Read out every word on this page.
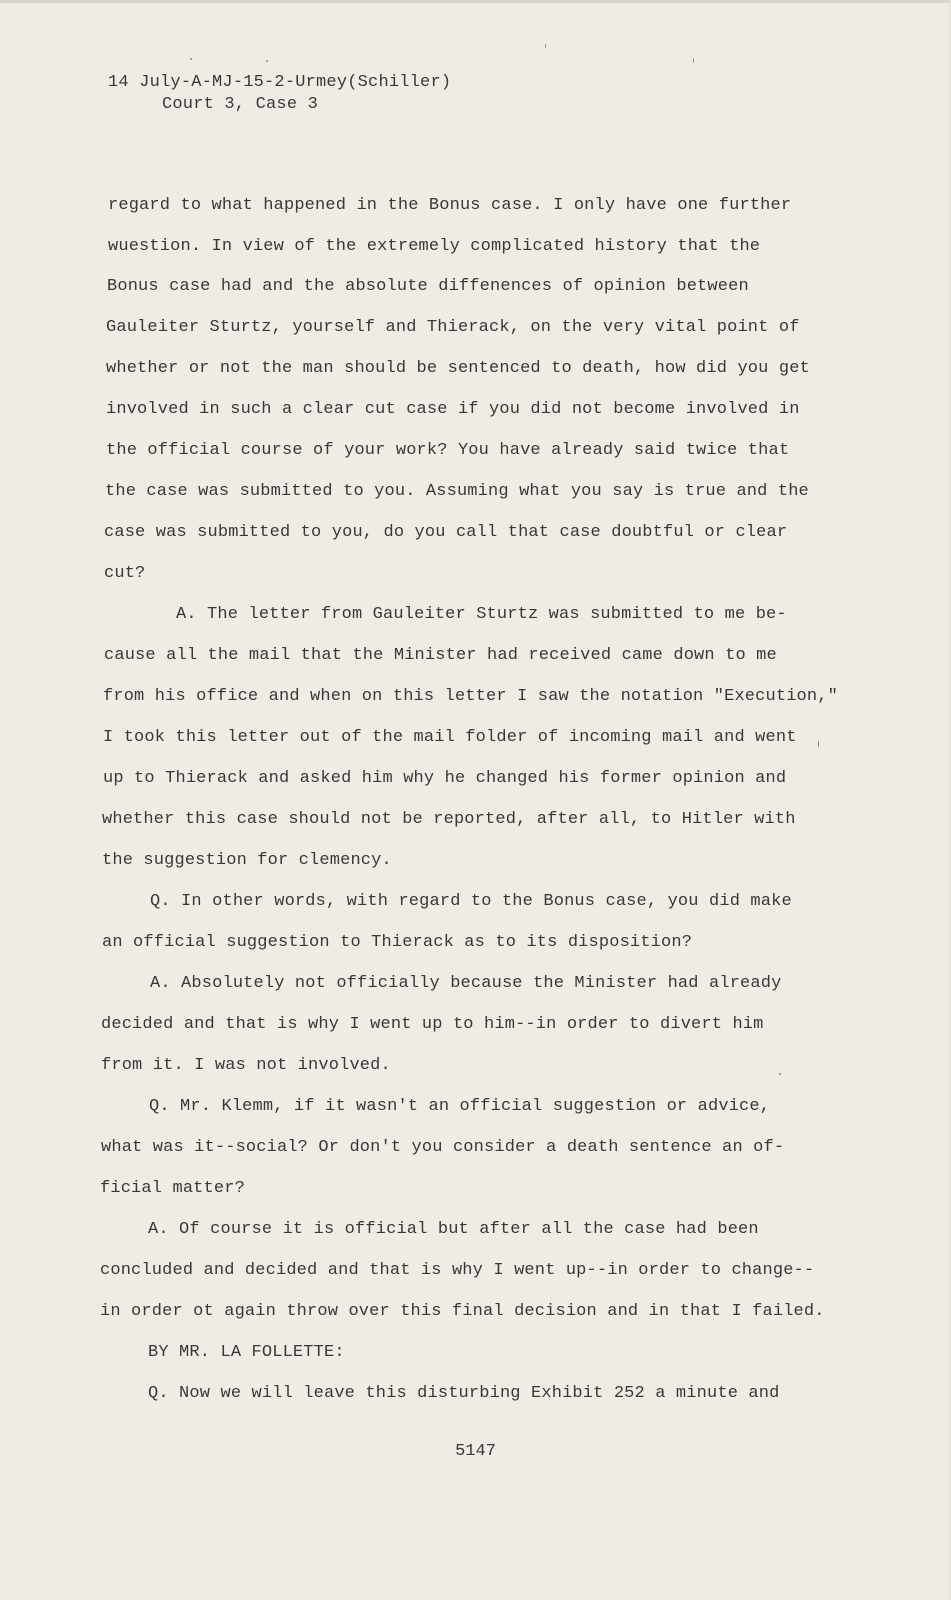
14 July-A-MJ-15-2-Urmey(Schiller)
Court 3, Case 3
regard to what happened in the Bonus case. I only have one further
wuestion. In view of the extremely complicated history that the
Bonus case had and the absolute diffenences of opinion between
Gauleiter Sturtz, yourself and Thierack, on the very vital point of
whether or not the man should be sentenced to death, how did you get
involved in such a clear cut case if you did not become involved in
the official course of your work? You have already said twice that
the case was submitted to you. Assuming what you say is true and the
case was submitted to you, do you call that case doubtful or clear
cut?
A. The letter from Gauleiter Sturtz was submitted to me be-
cause all the mail that the Minister had received came down to me
from his office and when on this letter I saw the notation "Execution,"
I took this letter out of the mail folder of incoming mail and went
up to Thierack and asked him why he changed his former opinion and
whether this case should not be reported, after all, to Hitler with
the suggestion for clemency.
Q. In other words, with regard to the Bonus case, you did make
an official suggestion to Thierack as to its disposition?
A. Absolutely not officially because the Minister had already
decided and that is why I went up to him--in order to divert him
from it. I was not involved.
Q. Mr. Klemm, if it wasn't an official suggestion or advice,
what was it--social? Or don't you consider a death sentence an of-
ficial matter?
A. Of course it is official but after all the case had been
concluded and decided and that is why I went up--in order to change--
in order ot again throw over this final decision and in that I failed.
BY MR. LA FOLLETTE:
Q. Now we will leave this disturbing Exhibit 252 a minute and
5147
